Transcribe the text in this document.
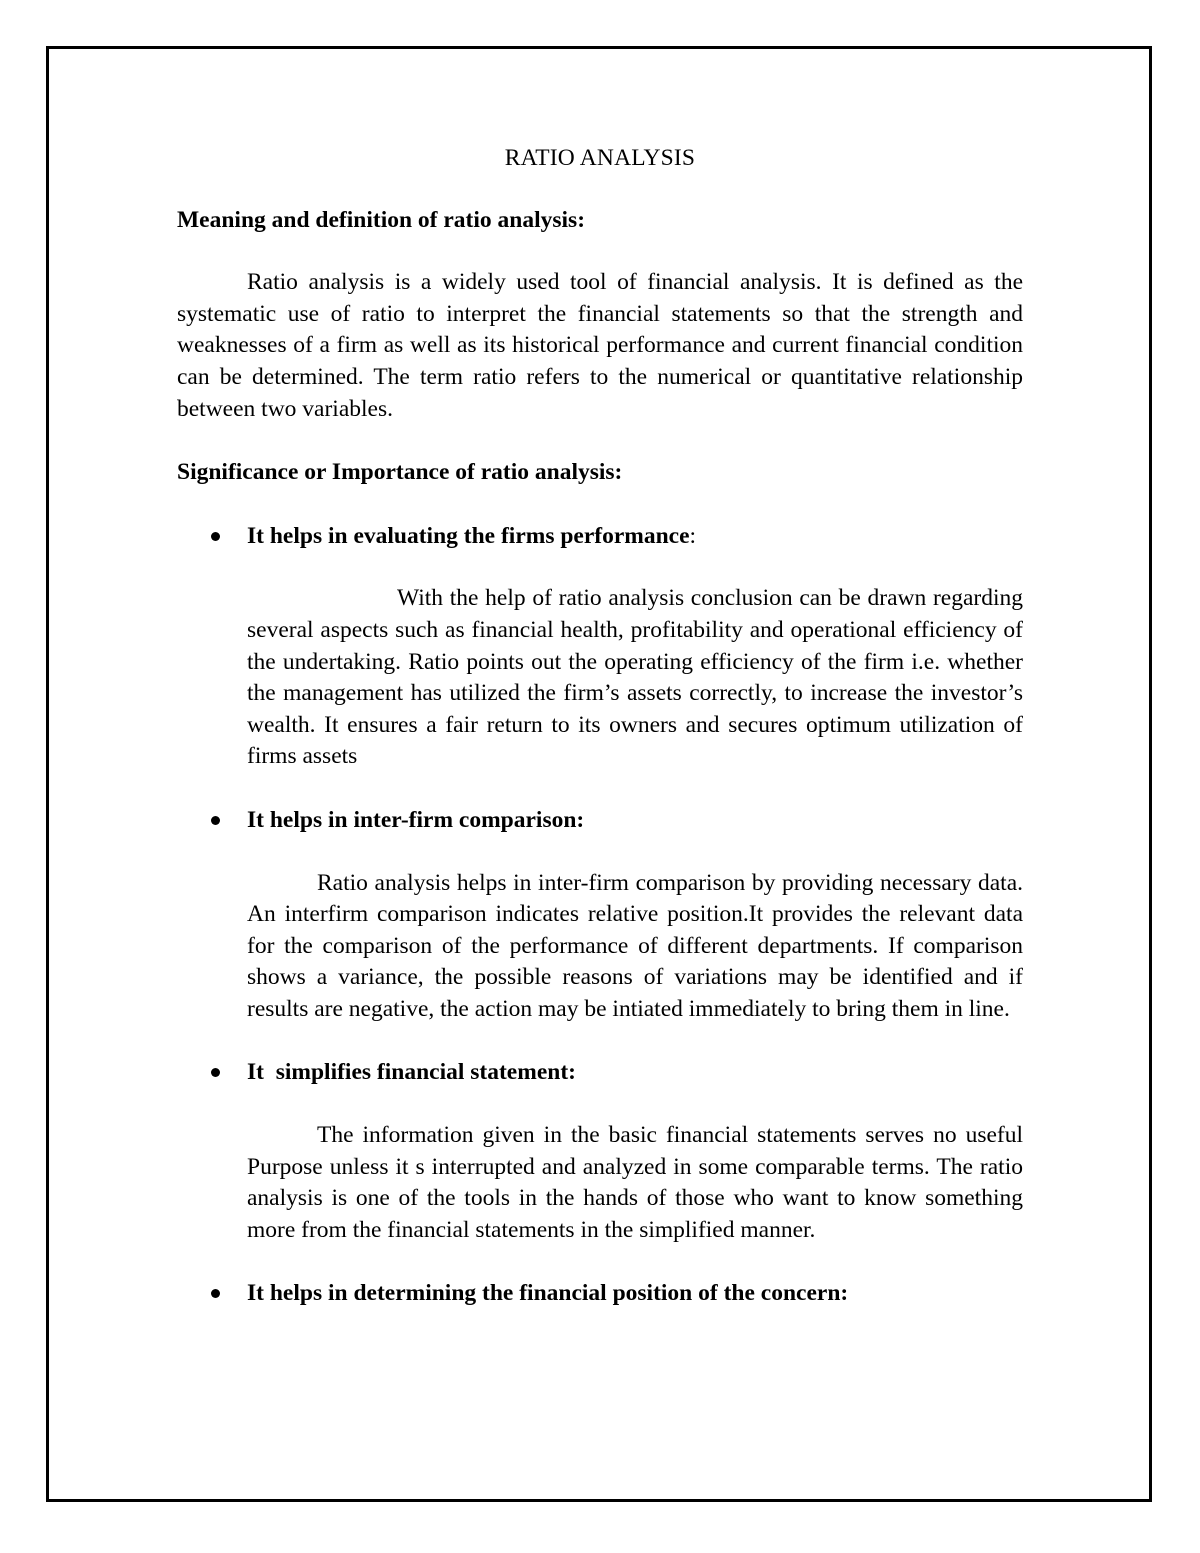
RATIO ANALYSIS

Meaning and definition of ratio analysis:

Ratio analysis is a widely used tool of financial analysis. It is defined as the systematic use of ratio to interpret the financial statements so that the strength and weaknesses of a firm as well as its historical performance and current financial condition can be determined. The term ratio refers to the numerical or quantitative relationship between two variables.

Significance or Importance of ratio analysis:

It helps in evaluating the firms performance:

With the help of ratio analysis conclusion can be drawn regarding several aspects such as financial health, profitability and operational efficiency of the undertaking. Ratio points out the operating efficiency of the firm i.e. whether the management has utilized the firm’s assets correctly, to increase the investor’s wealth. It ensures a fair return to its owners and secures optimum utilization of firms assets

It helps in inter-firm comparison:

Ratio analysis helps in inter-firm comparison by providing necessary data. An interfirm comparison indicates relative position.It provides the relevant data for the comparison of the performance of different departments. If comparison shows a variance, the possible reasons of variations may be identified and if results are negative, the action may be intiated immediately to bring them in line.

It  simplifies financial statement:

The information given in the basic financial statements serves no useful Purpose unless it s interrupted and analyzed in some comparable terms. The ratio analysis is one of the tools in the hands of those who want to know something more from the financial statements in the simplified manner.

It helps in determining the financial position of the concern:
